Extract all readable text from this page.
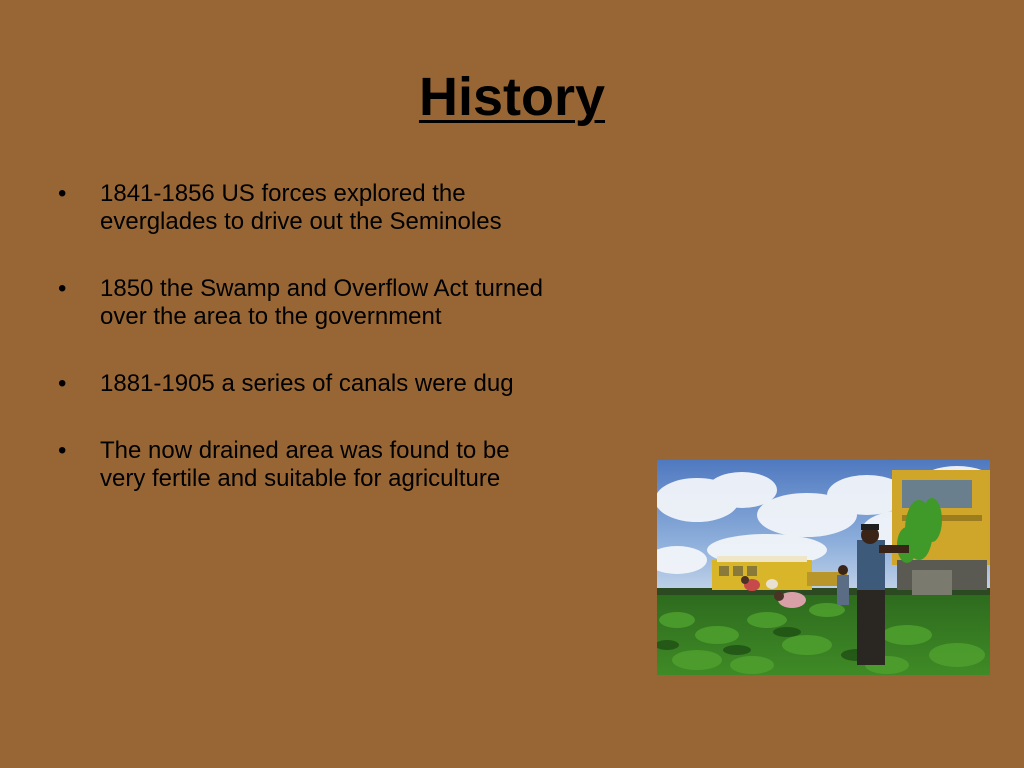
History
•	1841-1856 US forces explored the everglades to drive out the Seminoles
•	1850 the Swamp and Overflow Act turned over the area to the government
•	1881-1905 a series of canals were dug
•	The now drained area was found to be very fertile and suitable for agriculture
